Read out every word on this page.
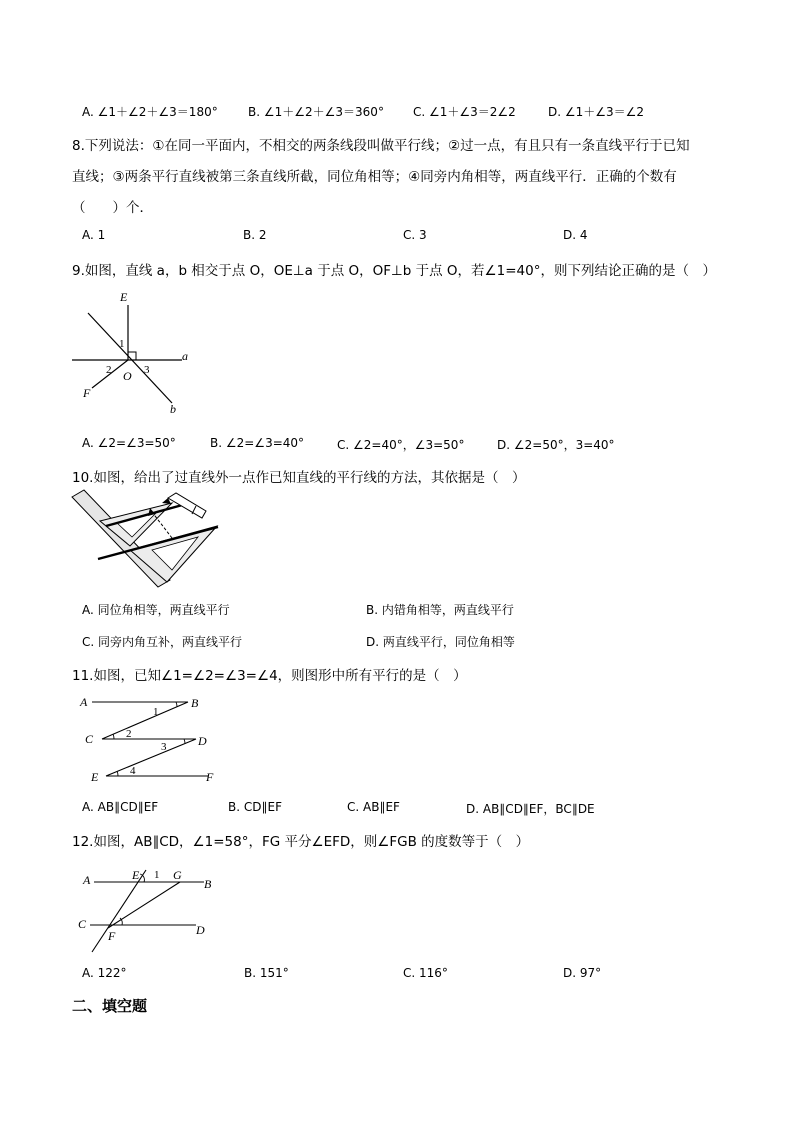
A. ∠1＋∠2＋∠3＝180°	B. ∠1＋∠2＋∠3＝360° C. ∠1＋∠3＝2∠2	D. ∠1＋∠3＝∠2
8.下列说法：①在同一平面内，不相交的两条线段叫做平行线；②过一点，有且只有一条直线平行于已知
直线；③两条平行直线被第三条直线所截，同位角相等；④同旁内角相等，两直线平行．正确的个数有
（　　）个．
A. 1	B. 2	C. 3	D. 4
9.如图，直线 a，b 相交于点 O，OE⊥a 于点 O，OF⊥b 于点 O，若∠1=40°，则下列结论正确的是（　）
E
a
O
F
b
1
2	3
A. ∠2=∠3=50°	B. ∠2=∠3=40°	C. ∠2=40°，∠3=50°	D. ∠2=50°，3=40°
10.如图，给出了过直线外一点作已知直线的平行线的方法，其依据是（　）
A. 同位角相等，两直线平行	B. 内错角相等，两直线平行
C. 同旁内角互补，两直线平行	D. 两直线平行，同位角相等
11.如图，已知∠1=∠2=∠3=∠4，则图形中所有平行的是（　）
A	B
C	D
E	F
1
2
3
4
A. AB∥CD∥EF	B. CD∥EF	C. AB∥EF	D. AB∥CD∥EF，BC∥DE
12.如图，AB∥CD，∠1=58°，FG 平分∠EFD，则∠FGB 的度数等于（　）
A	E 1 G
B
C
F	D
A. 122°	B. 151°	C. 116°	D. 97°
二、填空题
